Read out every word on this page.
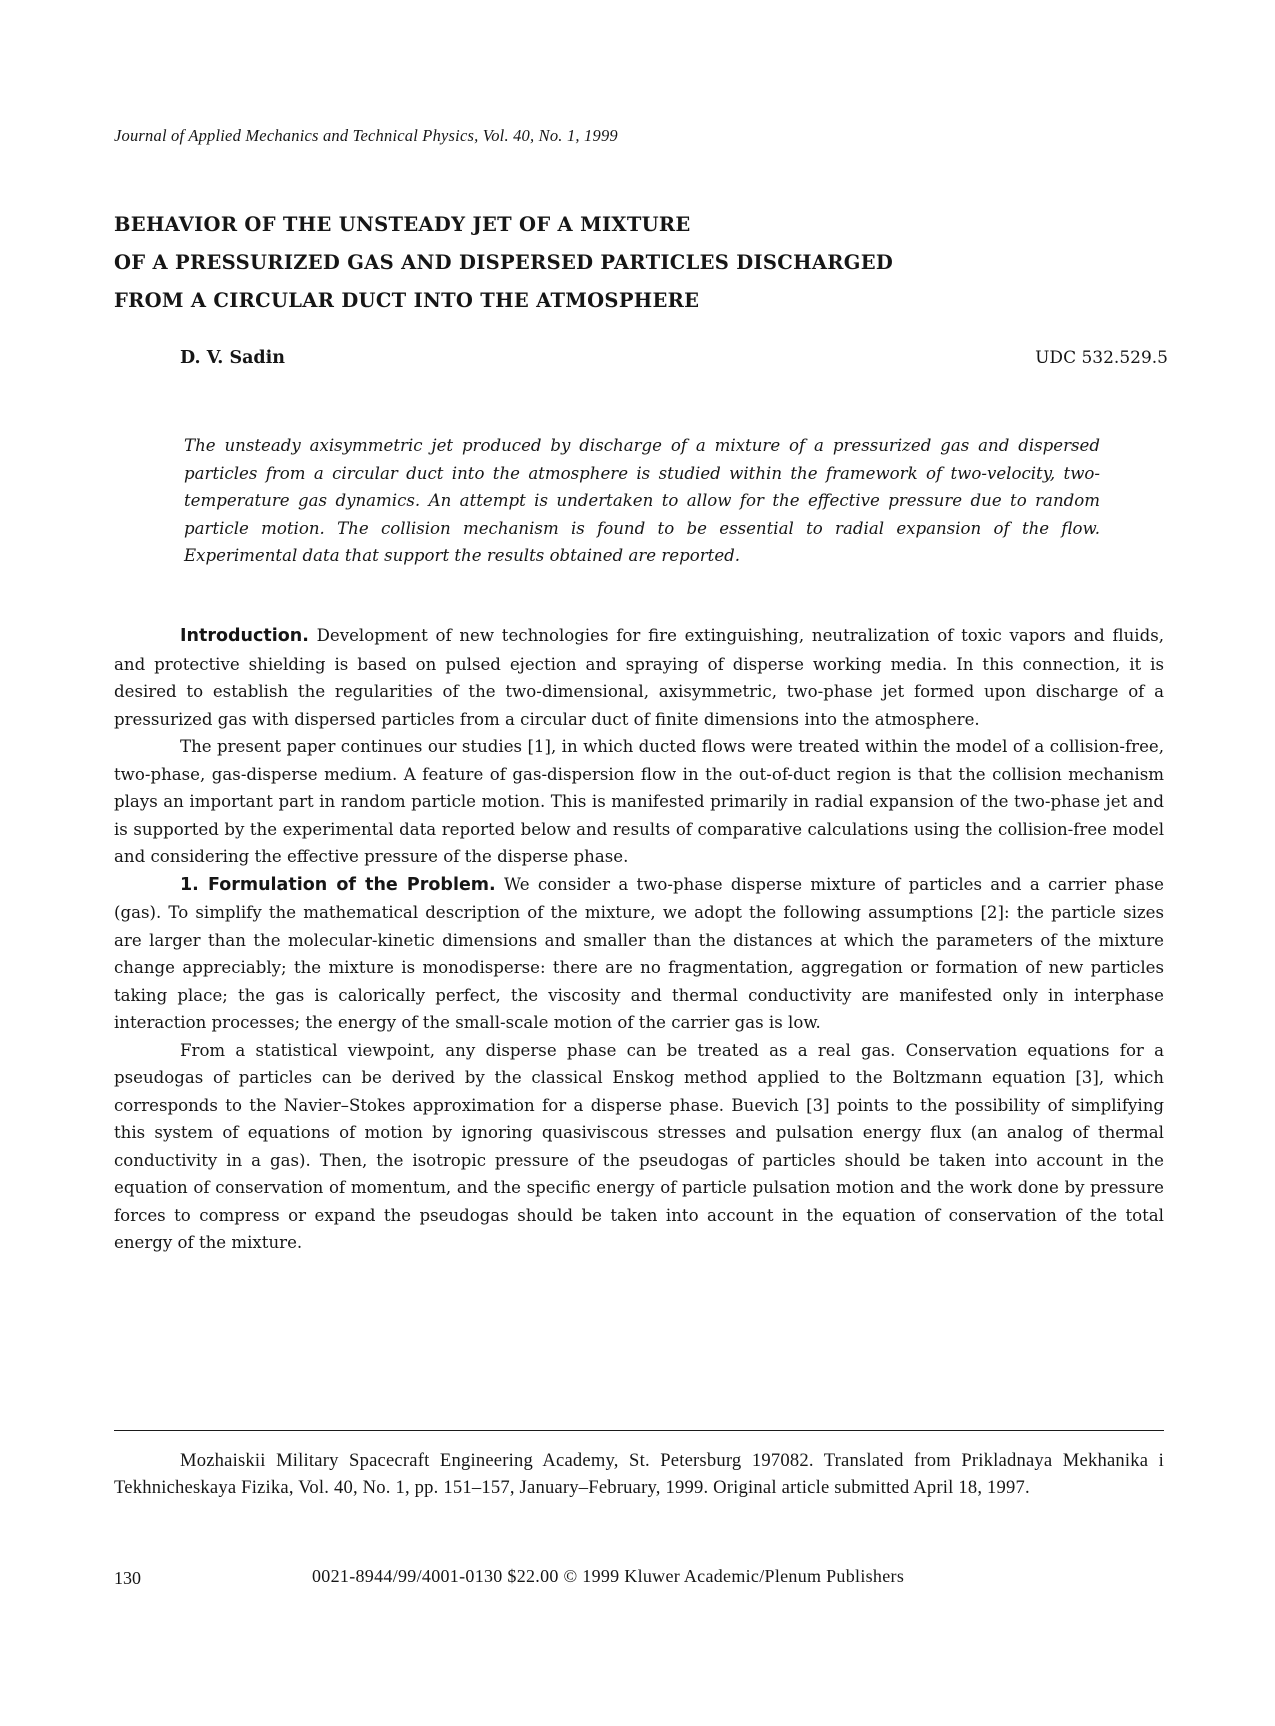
Journal of Applied Mechanics and Technical Physics, Vol. 40, No. 1, 1999
BEHAVIOR OF THE UNSTEADY JET OF A MIXTURE
OF A PRESSURIZED GAS AND DISPERSED PARTICLES DISCHARGED
FROM A CIRCULAR DUCT INTO THE ATMOSPHERE
D. V. Sadin	UDC 532.529.5
The unsteady axisymmetric jet produced by discharge of a mixture of a pressurized gas and dispersed particles from a circular duct into the atmosphere is studied within the framework of two-velocity, two-temperature gas dynamics. An attempt is undertaken to allow for the effective pressure due to random particle motion. The collision mechanism is found to be essential to radial expansion of the flow. Experimental data that support the results obtained are reported.

Introduction. Development of new technologies for fire extinguishing, neutralization of toxic vapors and fluids, and protective shielding is based on pulsed ejection and spraying of disperse working media. In this connection, it is desired to establish the regularities of the two-dimensional, axisymmetric, two-phase jet formed upon discharge of a pressurized gas with dispersed particles from a circular duct of finite dimensions into the atmosphere.

The present paper continues our studies [1], in which ducted flows were treated within the model of a collision-free, two-phase, gas-disperse medium. A feature of gas-dispersion flow in the out-of-duct region is that the collision mechanism plays an important part in random particle motion. This is manifested primarily in radial expansion of the two-phase jet and is supported by the experimental data reported below and results of comparative calculations using the collision-free model and considering the effective pressure of the disperse phase.

1. Formulation of the Problem. We consider a two-phase disperse mixture of particles and a carrier phase (gas). To simplify the mathematical description of the mixture, we adopt the following assumptions [2]: the particle sizes are larger than the molecular-kinetic dimensions and smaller than the distances at which the parameters of the mixture change appreciably; the mixture is monodisperse: there are no fragmentation, aggregation or formation of new particles taking place; the gas is calorically perfect, the viscosity and thermal conductivity are manifested only in interphase interaction processes; the energy of the small-scale motion of the carrier gas is low.

From a statistical viewpoint, any disperse phase can be treated as a real gas. Conservation equations for a pseudogas of particles can be derived by the classical Enskog method applied to the Boltzmann equation [3], which corresponds to the Navier–Stokes approximation for a disperse phase. Buevich [3] points to the possibility of simplifying this system of equations of motion by ignoring quasiviscous stresses and pulsation energy flux (an analog of thermal conductivity in a gas). Then, the isotropic pressure of the pseudogas of particles should be taken into account in the equation of conservation of momentum, and the specific energy of particle pulsation motion and the work done by pressure forces to compress or expand the pseudogas should be taken into account in the equation of conservation of the total energy of the mixture.

Mozhaiskii Military Spacecraft Engineering Academy, St. Petersburg 197082. Translated from Prikladnaya Mekhanika i Tekhnicheskaya Fizika, Vol. 40, No. 1, pp. 151–157, January–February, 1999. Original article submitted April 18, 1997.
130	0021-8944/99/4001-0130 $22.00 © 1999 Kluwer Academic/Plenum Publishers
